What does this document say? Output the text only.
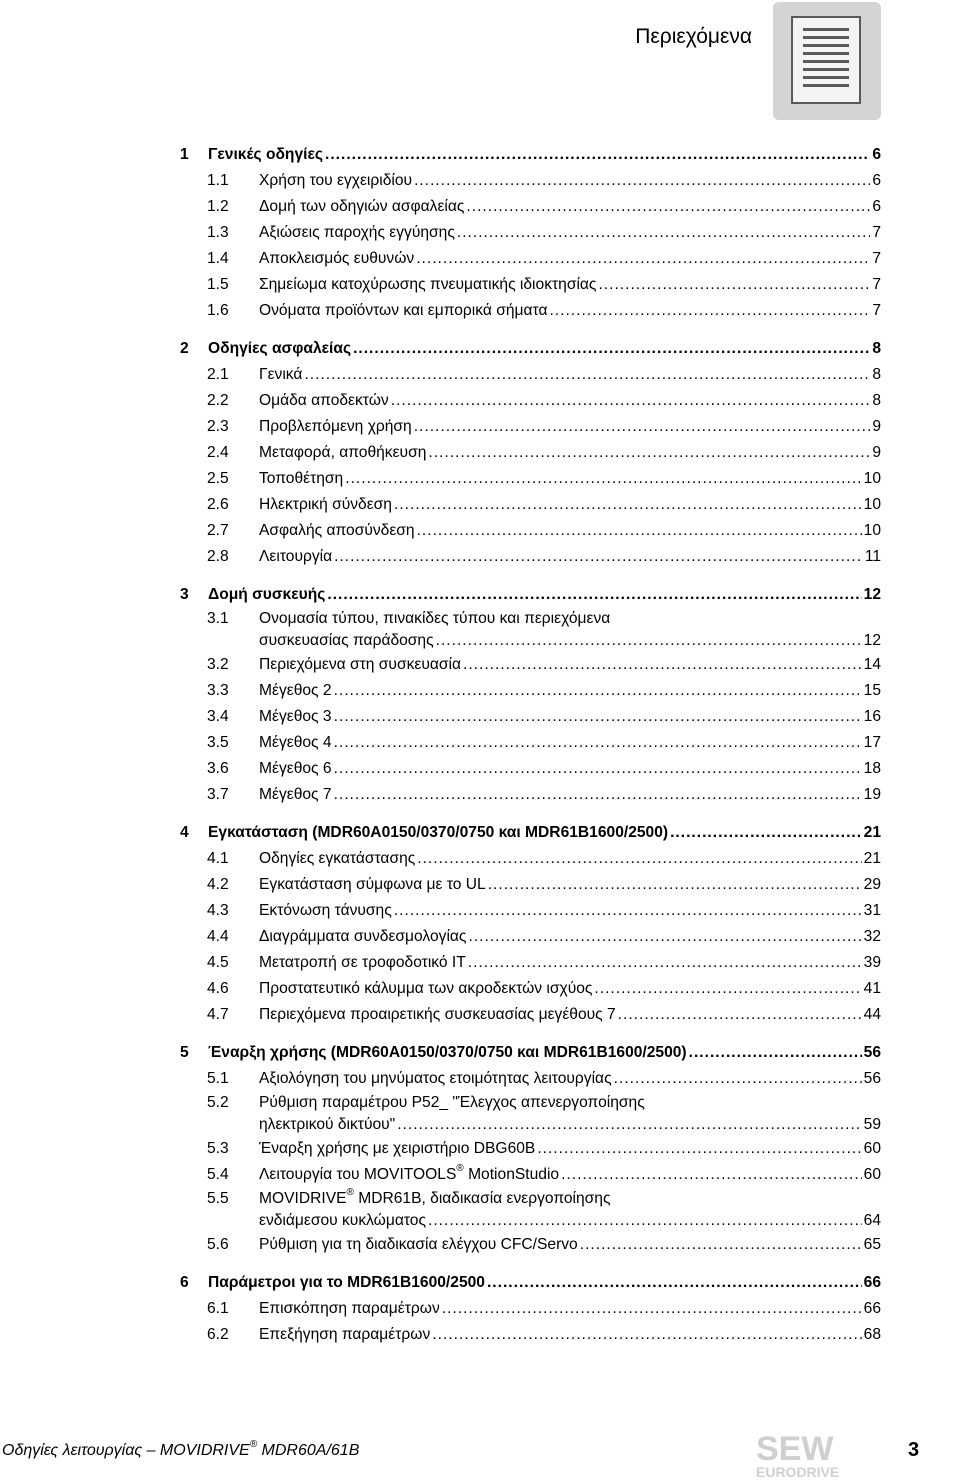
Περιεχόμενα
1	Γενικές οδηγίες .....	6
1.1	Χρήση του εγχειριδίου .....	6
1.2	Δομή των οδηγιών ασφαλείας .....	6
1.3	Αξιώσεις παροχής εγγύησης .....	7
1.4	Αποκλεισμός ευθυνών .....	7
1.5	Σημείωμα κατοχύρωσης πνευματικής ιδιοκτησίας .....	7
1.6	Ονόματα προϊόντων και εμπορικά σήματα .....	7
2	Οδηγίες ασφαλείας .....	8
2.1	Γενικά .....	8
2.2	Ομάδα αποδεκτών .....	8
2.3	Προβλεπόμενη χρήση .....	9
2.4	Μεταφορά, αποθήκευση .....	9
2.5	Τοποθέτηση .....	10
2.6	Ηλεκτρική σύνδεση .....	10
2.7	Ασφαλής αποσύνδεση .....	10
2.8	Λειτουργία .....	11
3	Δομή συσκευής .....	12
3.1	Ονομασία τύπου, πινακίδες τύπου και περιεχόμενα
συσκευασίας παράδοσης .....	12
3.2	Περιεχόμενα στη συσκευασία .....	14
3.3	Μέγεθος 2 .....	15
3.4	Μέγεθος 3 .....	16
3.5	Μέγεθος 4 .....	17
3.6	Μέγεθος 6 .....	18
3.7	Μέγεθος 7 .....	19
4	Εγκατάσταση (MDR60A0150/0370/0750 και MDR61B1600/2500) .....	21
4.1	Οδηγίες εγκατάστασης .....	21
4.2	Εγκατάσταση σύμφωνα με το UL .....	29
4.3	Εκτόνωση τάνυσης .....	31
4.4	Διαγράμματα συνδεσμολογίας .....	32
4.5	Μετατροπή σε τροφοδοτικό IT .....	39
4.6	Προστατευτικό κάλυμμα των ακροδεκτών ισχύος .....	41
4.7	Περιεχόμενα προαιρετικής συσκευασίας μεγέθους 7 .....	44
5	Έναρξη χρήσης (MDR60A0150/0370/0750 και MDR61B1600/2500) .....	56
5.1	Αξιολόγηση του μηνύματος ετοιμότητας λειτουργίας .....	56
5.2	Ρύθμιση παραμέτρου P52_ "Έλεγχος απενεργοποίησης
ηλεκτρικού δικτύου" .....	59
5.3	Έναρξη χρήσης με χειριστήριο DBG60B .....	60
5.4	Λειτουργία του MOVITOOLS® MotionStudio .....	60
5.5	MOVIDRIVE® MDR61B, διαδικασία ενεργοποίησης
ενδιάμεσου κυκλώματος .....	64
5.6	Ρύθμιση για τη διαδικασία ελέγχου CFC/Servo .....	65
6	Παράμετροι για το MDR61B1600/2500 .....	66
6.1	Επισκόπηση παραμέτρων .....	66
6.2	Επεξήγηση παραμέτρων .....	68
Οδηγίες λειτουργίας – MOVIDRIVE® MDR60A/61B	SEW
EURODRIVE
3
